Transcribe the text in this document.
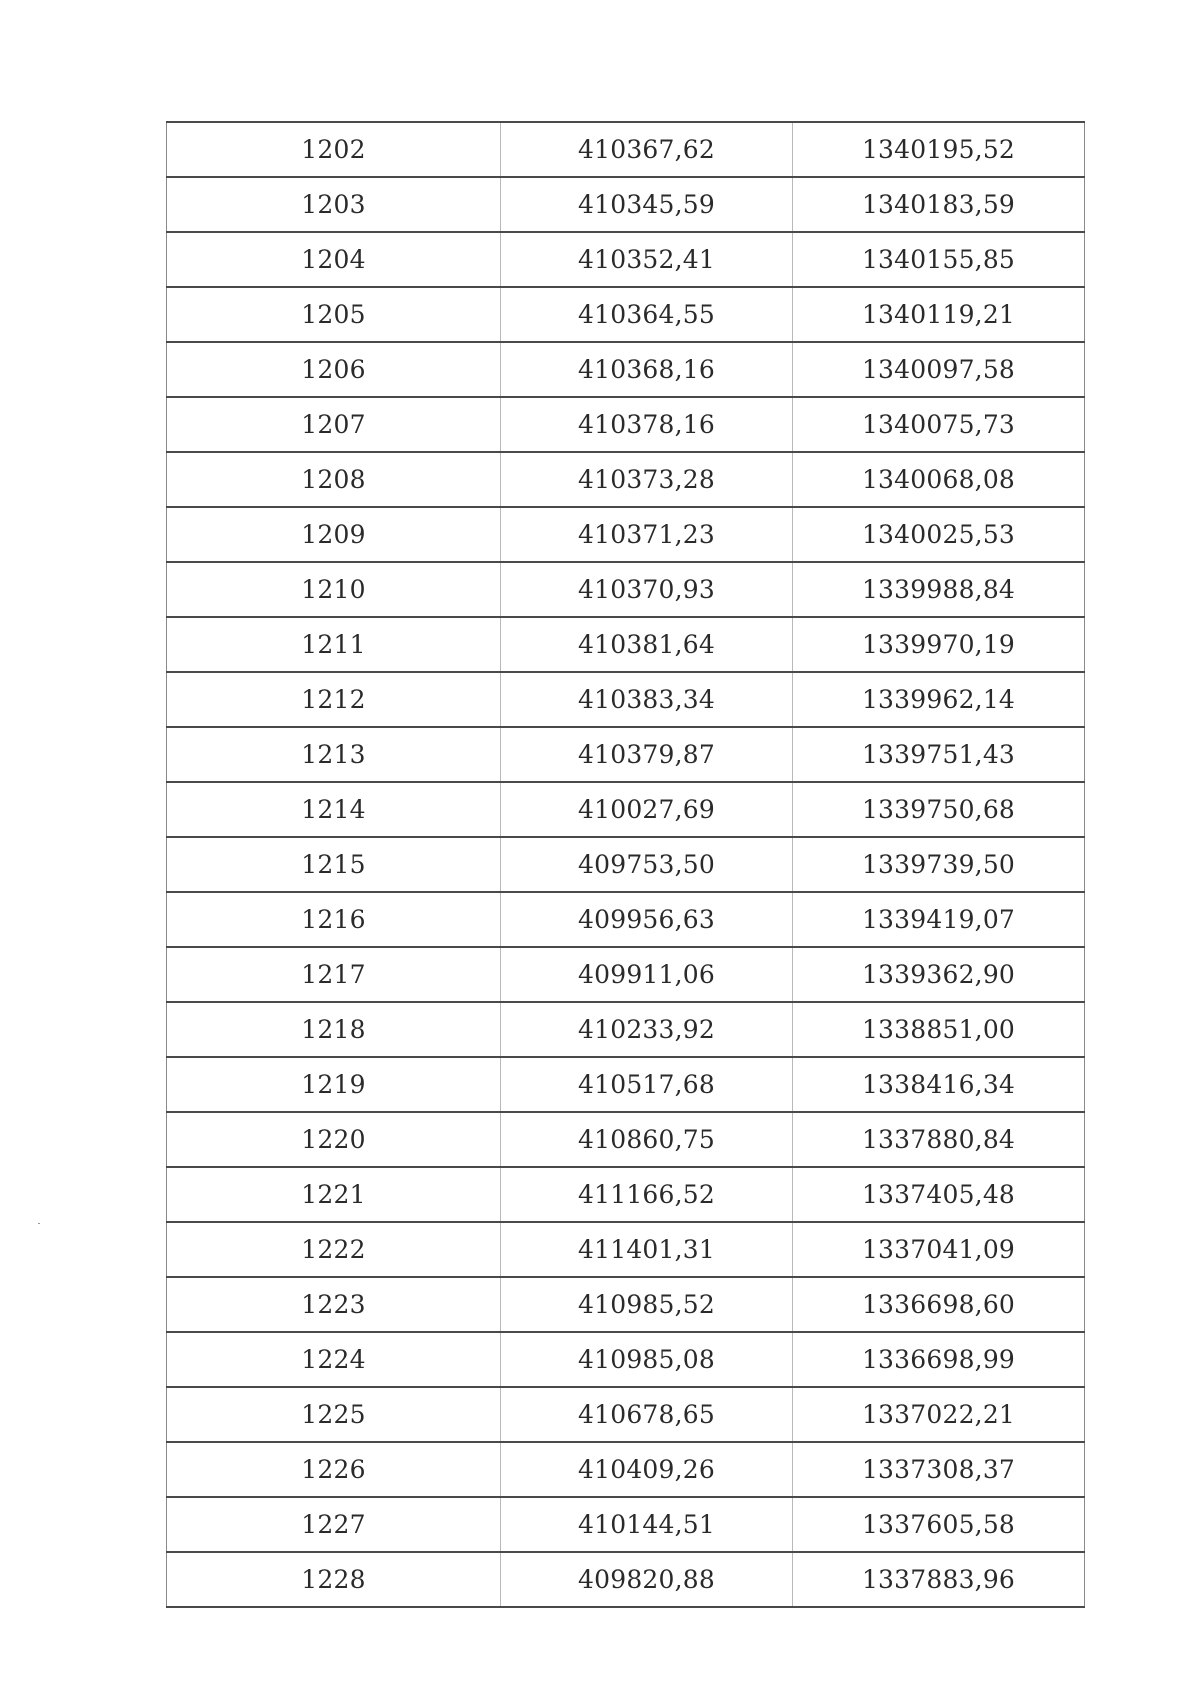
1202	410367,62	1340195,52
1203	410345,59	1340183,59
1204	410352,41	1340155,85
1205	410364,55	1340119,21
1206	410368,16	1340097,58
1207	410378,16	1340075,73
1208	410373,28	1340068,08
1209	410371,23	1340025,53
1210	410370,93	1339988,84
1211	410381,64	1339970,19
1212	410383,34	1339962,14
1213	410379,87	1339751,43
1214	410027,69	1339750,68
1215	409753,50	1339739,50
1216	409956,63	1339419,07
1217	409911,06	1339362,90
1218	410233,92	1338851,00
1219	410517,68	1338416,34
1220	410860,75	1337880,84
1221	411166,52	1337405,48
1222	411401,31	1337041,09
1223	410985,52	1336698,60
1224	410985,08	1336698,99
1225	410678,65	1337022,21
1226	410409,26	1337308,37
1227	410144,51	1337605,58
1228	409820,88	1337883,96
